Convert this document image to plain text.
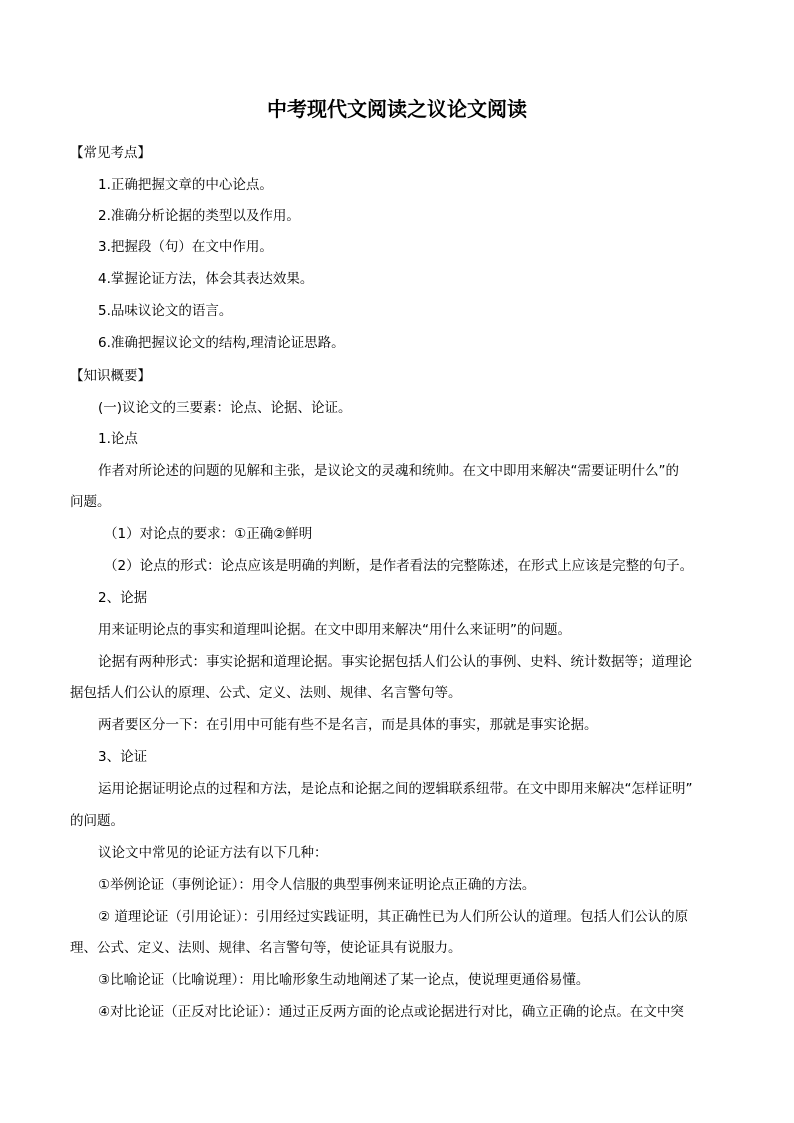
中考现代文阅读之议论文阅读
【常见考点】
1.正确把握文章的中心论点。
2.准确分析论据的类型以及作用。
3.把握段（句）在文中作用。
4.掌握论证方法，体会其表达效果。
5.品味议论文的语言。
6.准确把握议论文的结构,理清论证思路。
【知识概要】
(一)议论文的三要素：论点、论据、论证。
1.论点
作者对所论述的问题的见解和主张，是议论文的灵魂和统帅。在文中即用来解决“需要证明什么”的
问题。
（1）对论点的要求：①正确②鲜明
（2）论点的形式：论点应该是明确的判断，是作者看法的完整陈述，在形式上应该是完整的句子。
2、论据
用来证明论点的事实和道理叫论据。在文中即用来解决“用什么来证明”的问题。
论据有两种形式：事实论据和道理论据。事实论据包括人们公认的事例、史料、统计数据等；道理论
据包括人们公认的原理、公式、定义、法则、规律、名言警句等。
两者要区分一下：在引用中可能有些不是名言，而是具体的事实，那就是事实论据。
3、论证
运用论据证明论点的过程和方法，是论点和论据之间的逻辑联系纽带。在文中即用来解决“怎样证明”
的问题。
议论文中常见的论证方法有以下几种：
①举例论证（事例论证）：用令人信服的典型事例来证明论点正确的方法。
② 道理论证（引用论证）：引用经过实践证明，其正确性已为人们所公认的道理。包括人们公认的原
理、公式、定义、法则、规律、名言警句等，使论证具有说服力。
③比喻论证（比喻说理）：用比喻形象生动地阐述了某一论点，使说理更通俗易懂。
④对比论证（正反对比论证）：通过正反两方面的论点或论据进行对比，确立正确的论点。在文中突
